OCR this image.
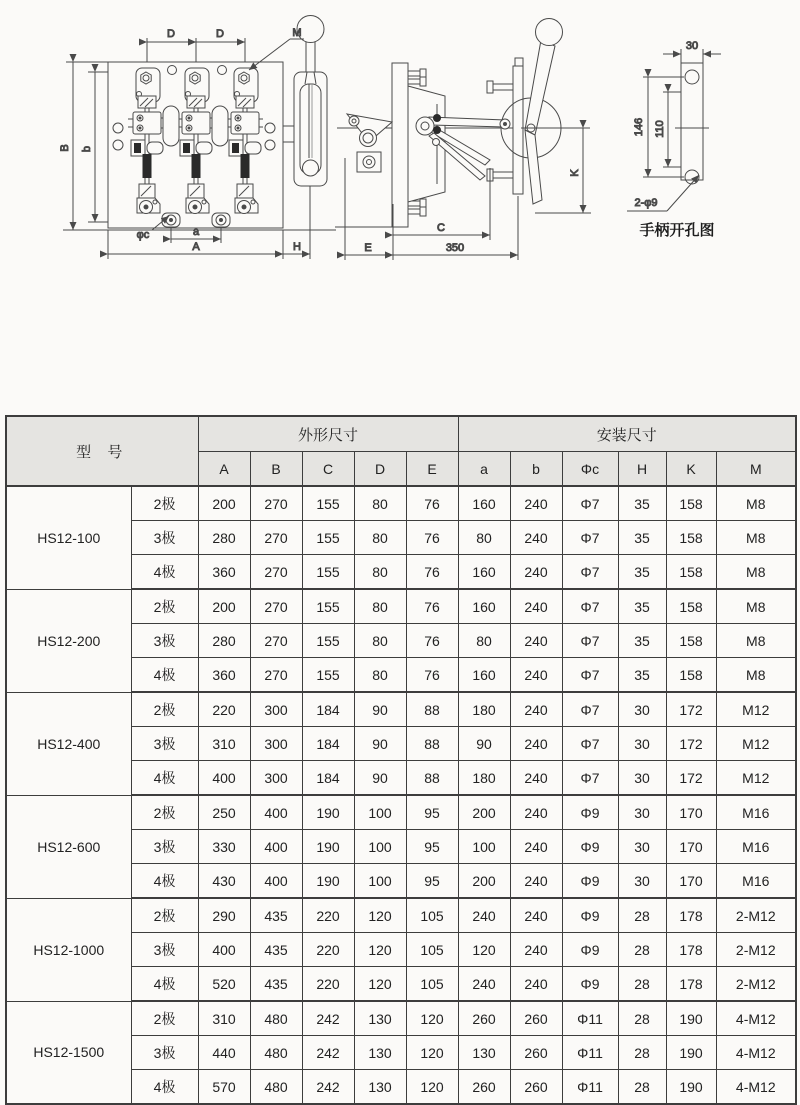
D	D	M
B b
φc	a
A	H
K
C
E	350
30
146 110
2-φ9
手柄开孔图
型 号		外形尺寸					安装尺寸					
		A	B	C	D	E	a	b	Φc	H	K	M
HS12-100	2极	200	270	155	80	76	160	240	Φ7	35	158	M8
	3极	280	270	155	80	76	80	240	Φ7	35	158	M8
	4极	360	270	155	80	76	160	240	Φ7	35	158	M8
HS12-200	2极	200	270	155	80	76	160	240	Φ7	35	158	M8
	3极	280	270	155	80	76	80	240	Φ7	35	158	M8
	4极	360	270	155	80	76	160	240	Φ7	35	158	M8
HS12-400	2极	220	300	184	90	88	180	240	Φ7	30	172	M12
	3极	310	300	184	90	88	90	240	Φ7	30	172	M12
	4极	400	300	184	90	88	180	240	Φ7	30	172	M12
HS12-600	2极	250	400	190	100	95	200	240	Φ9	30	170	M16
	3极	330	400	190	100	95	100	240	Φ9	30	170	M16
	4极	430	400	190	100	95	200	240	Φ9	30	170	M16
HS12-1000	2极	290	435	220	120	105	240	240	Φ9	28	178	2-M12
	3极	400	435	220	120	105	120	240	Φ9	28	178	2-M12
	4极	520	435	220	120	105	240	240	Φ9	28	178	2-M12
HS12-1500	2极	310	480	242	130	120	260	260	Φ11	28	190	4-M12
	3极	440	480	242	130	120	130	260	Φ11	28	190	4-M12
	4极	570	480	242	130	120	260	260	Φ11	28	190	4-M12
